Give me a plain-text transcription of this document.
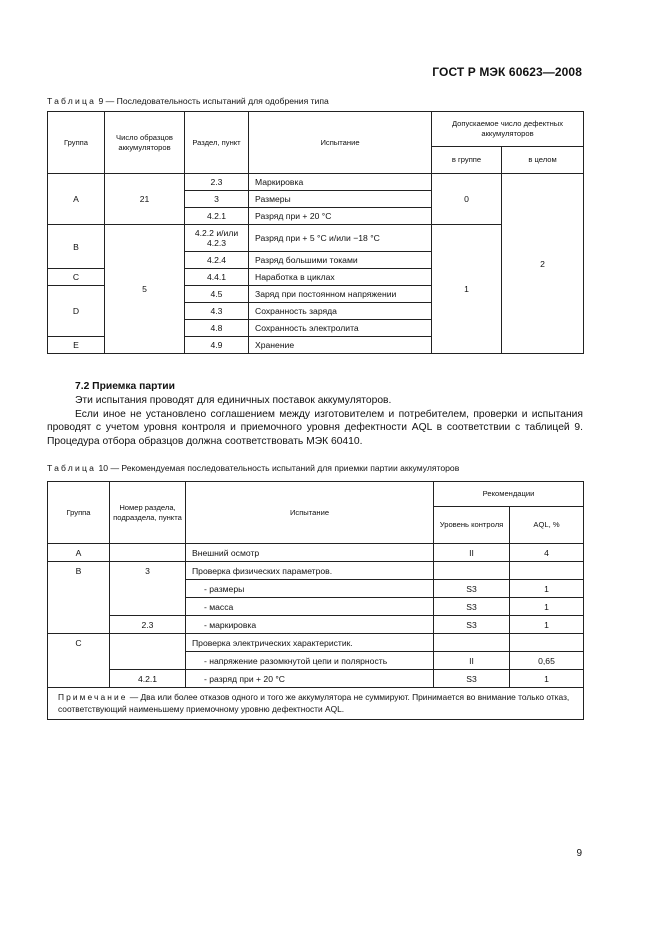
ГОСТ Р МЭК 60623—2008
Таблица 9 — Последовательность испытаний для одобрения типа
Группа	Число образцов аккумуляторов	Раздел, пункт	Испытание	Допускаемое число дефектных аккумуляторов	
				в группе	в целом
A	21	2.3	Маркировка	0	2
		3	Размеры		
		4.2.1	Разряд при + 20 °С		
B	5	4.2.2 и/или 4.2.3	Разряд при + 5 °С и/или −18 °С	1	
		4.2.4	Разряд большими токами		
C		4.4.1	Наработка в циклах		
D		4.5	Заряд при постоянном напряжении		
		4.3	Сохранность заряда		
		4.8	Сохранность электролита		
E		4.9	Хранение		
7.2 Приемка партии

Эти испытания проводят для единичных поставок аккумуляторов.

Если иное не установлено соглашением между изготовителем и потребителем, проверки и испытания проводят с учетом уровня контроля и приемочного уровня дефектности AQL в соответствии с таблицей 9. Процедура отбора образцов должна соответствовать МЭК 60410.

Таблица 10 — Рекомендуемая последовательность испытаний для приемки партии аккумуляторов
Группа	Номер раздела, подраздела, пункта	Испытание	Рекомендации	
			Уровень контроля	AQL, %
A		Внешний осмотр	II	4
B	3	Проверка физических параметров.		
		- размеры	S3	1
		- масса	S3	1
	2.3	- маркировка	S3	1
C		Проверка электрических характеристик.		
		- напряжение разомкнутой цепи и полярность	II	0,65
	4.2.1	- разряд при + 20 °С	S3	1
Примечание — Два или более отказов одного и того же аккумулятора не суммируют. Принимается во внимание только отказ, соответствующий наименьшему приемочному уровню дефектности AQL.				
9
